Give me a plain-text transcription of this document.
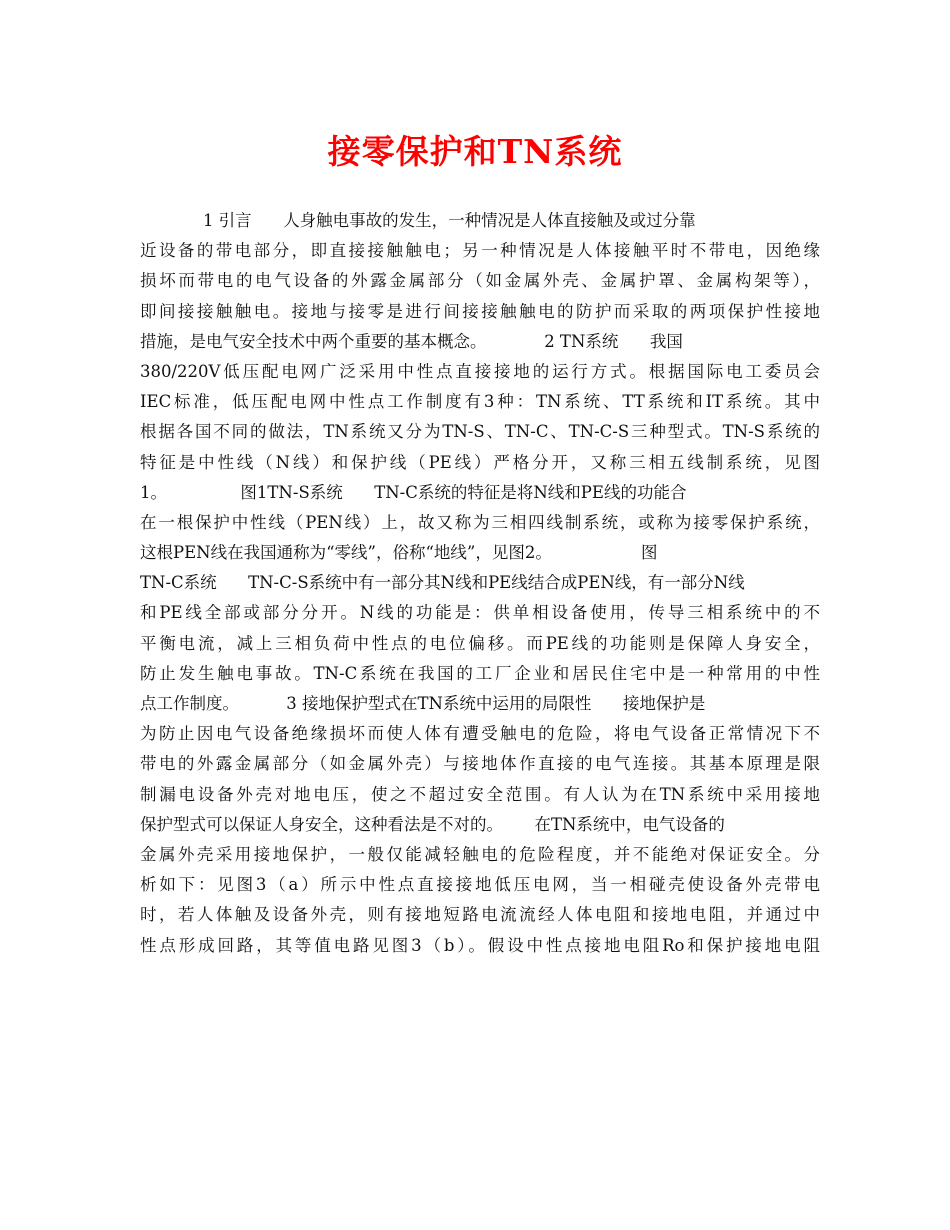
接零保护和TN系统
1 引言      人身触电事故的发生，一种情况是人体直接触及或过分靠
近设备的带电部分，即直接接触触电；另一种情况是人体接触平时不带电，因绝缘
损坏而带电的电气设备的外露金属部分（如金属外壳、金属护罩、金属构架等），
即间接接触触电。接地与接零是进行间接接触触电的防护而采取的两项保护性接地
措施，是电气安全技术中两个重要的基本概念。           2 TN系统      我国
380/220V低压配电网广泛采用中性点直接接地的运行方式。根据国际电工委员会
IEC标准，低压配电网中性点工作制度有3种：TN系统、TT系统和IT系统。其中
根据各国不同的做法，TN系统又分为TN-S、TN-C、TN-C-S三种型式。TN-S系统的
特征是中性线（N线）和保护线（PE线）严格分开，又称三相五线制系统，见图
1。              图1TN-S系统      TN-C系统的特征是将N线和PE线的功能合
在一根保护中性线（PEN线）上，故又称为三相四线制系统，或称为接零保护系统，
这根PEN线在我国通称为“零线”，俗称“地线”，见图2。                 图
TN-C系统      TN-C-S系统中有一部分其N线和PE线结合成PEN线，有一部分N线
和PE线全部或部分分开。N线的功能是：供单相设备使用，传导三相系统中的不
平衡电流，减上三相负荷中性点的电位偏移。而PE线的功能则是保障人身安全，
防止发生触电事故。TN-C系统在我国的工厂企业和居民住宅中是一种常用的中性
点工作制度。         3 接地保护型式在TN系统中运用的局限性      接地保护是
为防止因电气设备绝缘损坏而使人体有遭受触电的危险，将电气设备正常情况下不
带电的外露金属部分（如金属外壳）与接地体作直接的电气连接。其基本原理是限
制漏电设备外壳对地电压，使之不超过安全范围。有人认为在TN系统中采用接地
保护型式可以保证人身安全，这种看法是不对的。      在TN系统中，电气设备的
金属外壳采用接地保护，一般仅能减轻触电的危险程度，并不能绝对保证安全。分
析如下：见图3（a）所示中性点直接接地低压电网，当一相碰壳使设备外壳带电
时，若人体触及设备外壳，则有接地短路电流流经人体电阻和接地电阻，并通过中
性点形成回路，其等值电路见图3（b）。假设中性点接地电阻Ro和保护接地电阻
